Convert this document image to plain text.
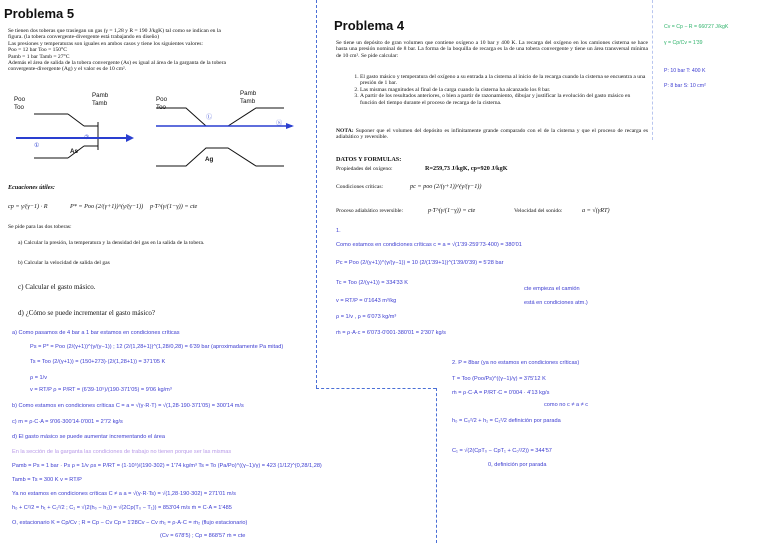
Problema 5
Se tienen dos toberas que trasiegan un gas (γ = 1,28 y R = 190 J/kgK) tal como se indican en la
figura. (la tobera convergente-divergente está trabajando en diseño)
Las presiones y temperaturas son iguales en ambos casos y tiene los siguientes valores:
Poo = 12 bar Too = 150°C
Pamb = 1 bar Tamb = 27°C
Además el área de salida de la tobera convergente (As) es igual al área de la garganta de la tobera
convergente-divergente (Ag) y el valor es de 10 cm².
Poo
Too
Pamb
Tamb
As
①
②
Poo
Too
Pamb
Tamb
Ag
Ⓛ
Ⓢ
Ecuaciones útiles:
cp = γ/(γ−1) · R	P* = Poo (2/(γ+1))^(γ/(γ−1)) p·T^(γ/(1−γ)) = cte
Se pide para las dos toberas:
a) Calcular la presión, la temperatura y la densidad del gas en la salida de la tobera.
b) Calcular la velocidad de salida del gas
c) Calcular el gasto másico.
d) ¿Cómo se puede incrementar el gasto másico?
a) Como pasamos de 4 bar a 1 bar estamos en condiciones críticas
Ps = P* = Poo (2/(γ+1))^(γ/(γ−1)) ; 12 (2/(1,28+1))^(1,28/0,28) = 6'39 bar (aproximadamente Pa mitad)
Ts = Too (2/(γ+1)) = (150+273)·(2/(1,28+1)) = 371'05 K
ρ = 1/v
v = RT/P ρ = P/RT = (6'39·10⁵)/(190·371'05) = 9'06 kg/m³
b) Como estamos en condiciones críticas C = a = √(γ·R·T) = √(1,28·190·371'05) = 300'14 m/s
c) m = ρ·C·A = 9'06·300'14·0'001 = 2'72 kg/s
d) El gasto másico se puede aumentar incrementando el área
En la sección de la garganta las condiciones de trabajo no tienen porque ser las mismas
Pamb = Ps = 1 bar · Ps ρ = 1/v ρs = P/RT = (1·10⁵)/(190·302) = 1'74 kg/m³ Ts = To (Pa/Po)^((γ−1)/γ) = 423 (1/12)^(0,28/1,28)
Tamb = Ts = 300 K v = RT/P
Ya no estamos en condiciones críticas C ≠ a a = √(γ·R·Ts) = √(1,28·190·302) = 271'01 m/s
h₀ + C²/2 = h₁ + C₁²/2 ; C₁ = √(2(h₀ − h₁)) = √(2Cp(T₀ − T₁)) = 853'04 m/s ṁ = C·A = 1'485
O, estacionario K = Cp/Cv ; R = Cp − Cv Cp = 1'28Cv − Cv ṁ₁ = ρ·A·C = ṁ₂ (flujo estacionario)
(Cv = 678'5) ; Cp = 868'57 ṁ = cte
Problema 4
Se tiene un depósito de gran volumen que contiene oxígeno a 10 bar y 400 K. La recarga del oxígeno en los camiones cisterna se hace hasta una presión nominal de 8 bar. La forma de la boquilla de recarga es la de una tobera convergente y tiene un área transversal mínima de 10 cm². Se pide calcular:
1. El gasto másico y temperatura del oxígeno a su entrada a la cisterna al inicio de la recarga cuando la cisterna se encuentra a una presión de 1 bar.
2. Las mismas magnitudes al final de la carga cuando la cisterna ha alcanzado los 8 bar.
3. A partir de los resultados anteriores, o bien a partir de razonamiento, dibujar y justificar la evolución del gasto másico en función del tiempo durante el proceso de recarga de la cisterna.
NOTA: Suponer que el volumen del depósito es infinitamente grande comparado con el de la cisterna y que el proceso de recarga es adiabático y reversible.
DATOS Y FORMULAS:
Propiedades del oxígeno:	R=259,73 J/kgK, cp=920 J/kgK
Condiciones críticas:	pc = poo (2/(γ+1))^(γ/(γ−1))
Proceso adiabático reversible:	p·T^(γ/(1−γ)) = cte	Velocidad del sonido:	a = √(γRT)
1.
Como estamos en condiciones críticas c = a = √(1'39·259'73·400) = 380'01
Pc = Poo (2/(γ+1))^(γ/(γ−1)) = 10 (2/(1'39+1))^(1'39/0'39) = 5'28 bar
Tc = Too (2/(γ+1)) = 334'33 K
v = RT/P = 0'1643 m³/kg
ρ = 1/v , ρ = 6'073 kg/m³
ṁ = ρ·A·c = 6'073·0'001·380'01 = 2'307 kg/s
cte empieza el camión
está en condiciones atm.)
2. P = 8bar (ya no estamos en condiciones críticas)
T = Too (Poo/Ps)^((γ−1)/γ) = 375'12 K
ṁ = ρ·C·A = P/RT·C = 0'004 · 4'13 kg/s
como no c ≠ a ≠ c
h₀ = C₀²/2 + h₁ = C₁²/2 definición por parada
C₁ = √(2(CpT₀ − CpT₁ + C₀²/2)) = 344'57
0, definición por parada
Cv = Cp − R = 660'27 J/kgK
γ = Cp/Cv = 1'39
P: 10 bar T: 400 K
P: 8 bar S: 10 cm²
